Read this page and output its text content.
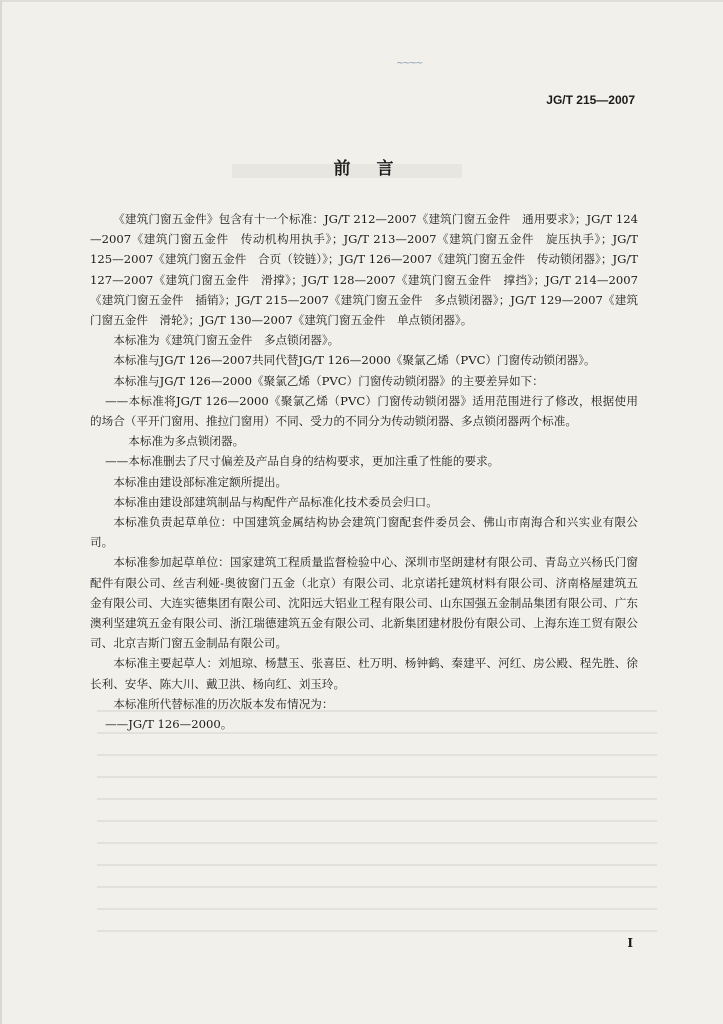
~~~~
JG/T 215—2007
前言

《建筑门窗五金件》包含有十一个标准：JG/T 212—2007《建筑门窗五金件　通用要求》；JG/T 124—2007《建筑门窗五金件　传动机构用执手》；JG/T 213—2007《建筑门窗五金件　旋压执手》；JG/T 125—2007《建筑门窗五金件　合页（铰链）》；JG/T 126—2007《建筑门窗五金件　传动锁闭器》；JG/T 127—2007《建筑门窗五金件　滑撑》；JG/T 128—2007《建筑门窗五金件　撑挡》；JG/T 214—2007《建筑门窗五金件　插销》；JG/T 215—2007《建筑门窗五金件　多点锁闭器》；JG/T 129—2007《建筑门窗五金件　滑轮》；JG/T 130—2007《建筑门窗五金件　单点锁闭器》。

本标准为《建筑门窗五金件　多点锁闭器》。

本标准与JG/T 126—2007共同代替JG/T 126—2000《聚氯乙烯（PVC）门窗传动锁闭器》。

本标准与JG/T 126—2000《聚氯乙烯（PVC）门窗传动锁闭器》的主要差异如下：

——本标准将JG/T 126—2000《聚氯乙烯（PVC）门窗传动锁闭器》适用范围进行了修改，根据使用的场合（平开门窗用、推拉门窗用）不同、受力的不同分为传动锁闭器、多点锁闭器两个标准。

本标准为多点锁闭器。

——本标准删去了尺寸偏差及产品自身的结构要求，更加注重了性能的要求。

本标准由建设部标准定额所提出。

本标准由建设部建筑制品与构配件产品标准化技术委员会归口。

本标准负责起草单位：中国建筑金属结构协会建筑门窗配套件委员会、佛山市南海合和兴实业有限公司。

本标准参加起草单位：国家建筑工程质量监督检验中心、深圳市坚朗建材有限公司、青岛立兴杨氏门窗配件有限公司、丝吉利娅-奥彼窗门五金（北京）有限公司、北京诺托建筑材料有限公司、济南格屋建筑五金有限公司、大连实德集团有限公司、沈阳远大铝业工程有限公司、山东国强五金制品集团有限公司、广东澳利坚建筑五金有限公司、浙江瑞德建筑五金有限公司、北新集团建材股份有限公司、上海东连工贸有限公司、北京吉斯门窗五金制品有限公司。

本标准主要起草人：刘旭琼、杨慧玉、张喜臣、杜万明、杨钟鹤、秦建平、河红、房公殿、程先胜、徐长利、安华、陈大川、戴卫洪、杨向红、刘玉玲。

本标准所代替标准的历次版本发布情况为：

——JG/T 126—2000。

I
